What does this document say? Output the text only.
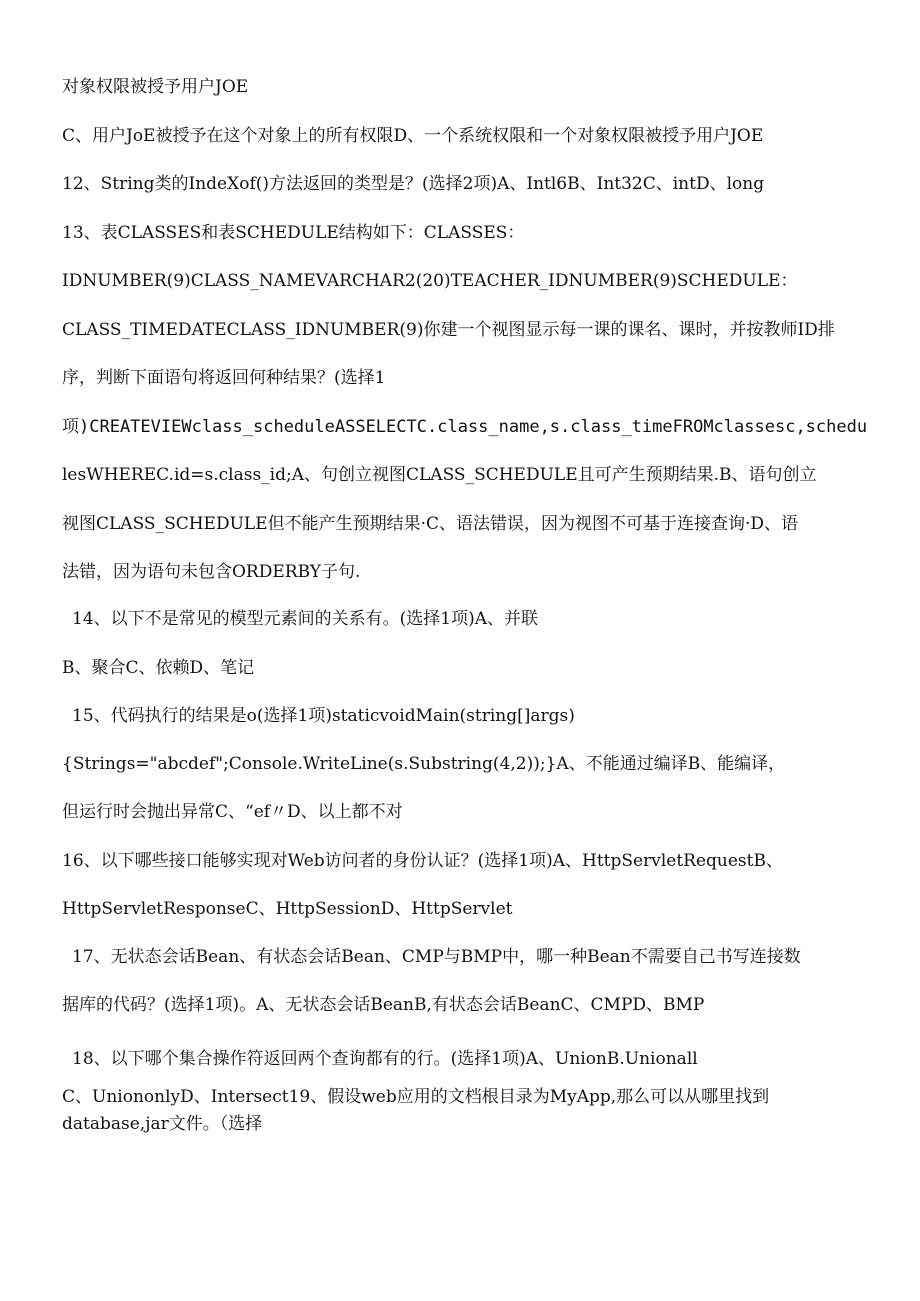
对象权限被授予用户JOE
C、用户JoE被授予在这个对象上的所有权限D、一个系统权限和一个对象权限被授予用户JOE
12、String类的IndeXof()方法返回的类型是？(选择2项)A、Intl6B、Int32C、intD、long
13、表CLASSES和表SCHEDULE结构如下：CLASSES：
IDNUMBER(9)CLASS_NAMEVARCHAR2(20)TEACHER_IDNUMBER(9)SCHEDULE：
CLASS_TIMEDATECLASS_IDNUMBER(9)你建一个视图显示每一课的课名、课时，并按教师ID排
序，判断下面语句将返回何种结果？(选择1
项)CREATEVIEWclass_scheduleASSELECTC.class_name,s.class_timeFROMclassesc,schedu
lesWHEREC.id=s.class_id;A、句创立视图CLASS_SCHEDULE且可产生预期结果.B、语句创立
视图CLASS_SCHEDULE但不能产生预期结果·C、语法错误，因为视图不可基于连接查询·D、语
法错，因为语句未包含ORDERBY子句.
14、以下不是常见的模型元素间的关系有。(选择1项)A、并联
B、聚合C、依赖D、笔记
15、代码执行的结果是o(选择1项)staticvoidMain(string[]args)
{Strings="abcdef";Console.WriteLine(s.Substring(4,2));}A、不能通过编译B、能编译，
但运行时会抛出异常C、“ef〃D、以上都不对
16、以下哪些接口能够实现对Web访问者的身份认证？(选择1项)A、HttpServletRequestB、
HttpServletResponseC、HttpSessionD、HttpServlet
17、无状态会话Bean、有状态会话Bean、CMP与BMP中，哪一种Bean不需要自己书写连接数
据库的代码？(选择1项)。A、无状态会话BeanB,有状态会话BeanC、CMPD、BMP
18、以下哪个集合操作符返回两个查询都有的行。(选择1项)A、UnionB.Unionall
C、UniononlyD、Intersect19、假设web应用的文档根目录为MyApp,那么可以从哪里找到
database,jar文件。（选择
